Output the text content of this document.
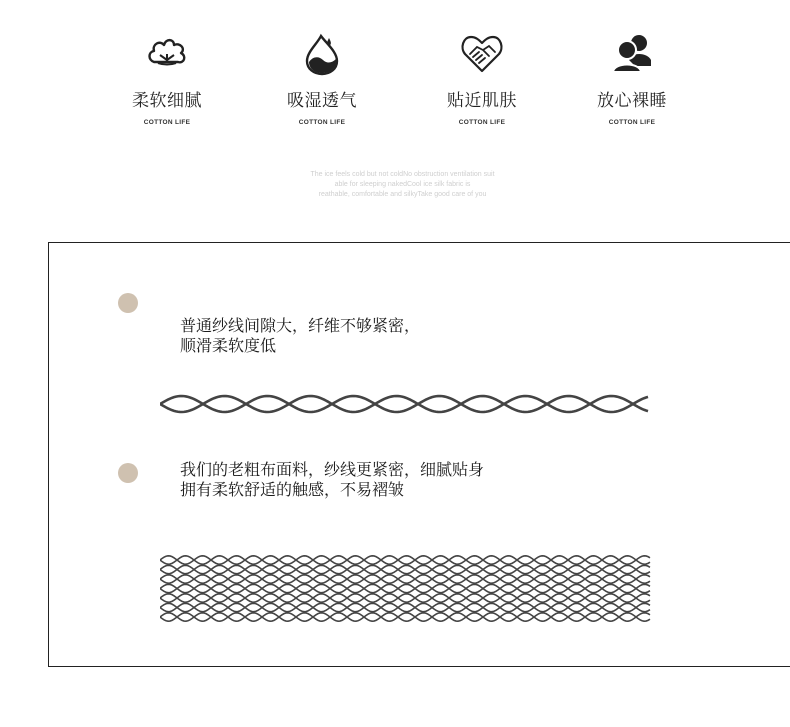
柔软细腻
COTTON LIFE
吸湿透气
COTTON LIFE
贴近肌肤
COTTON LIFE
放心裸睡
COTTON LIFE
The ice feels cold but not coldNo obstruction ventilation suit
able for sleeping nakedCool ice silk fabric is
reathable, comfortable and silkyTake good care of you
普通纱线间隙大，纤维不够紧密，
顺滑柔软度低
我们的老粗布面料，纱线更紧密，细腻贴身
拥有柔软舒适的触感，不易褶皱
